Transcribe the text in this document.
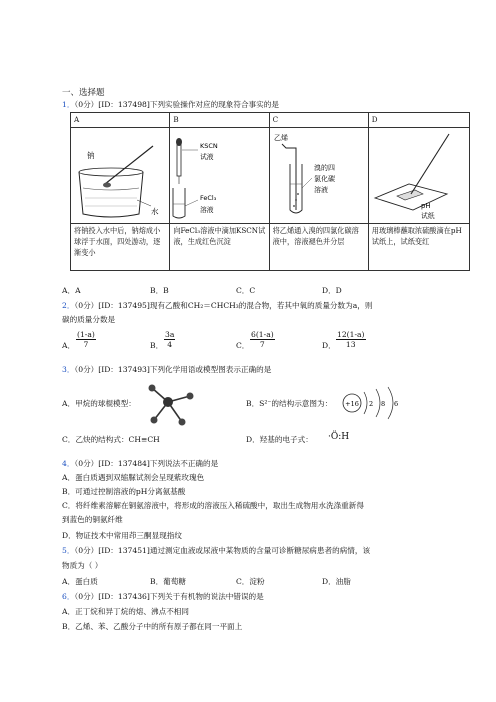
一、选择题
1．（0分）[ID：137498]下列实验操作对应的现象符合事实的是
A	B	C	D

钠
水	KSCN
试液
FeCl₃
溶液	乙烯
溴的四
氯化碳
溶液	pH
试纸

将钠投入水中后，钠熔成小球浮于水面，四处游动，逐渐变小	向FeCl₃溶液中滴加KSCN试液，生成红色沉淀	将乙烯通入溴的四氯化碳溶液中，溶液褪色并分层	用玻璃棒蘸取浓硫酸滴在pH试纸上，试纸变红
A．A	B．B	C．C	D．D
2．（0分）[ID：137495]现有乙酸和CH₂＝CHCH₃的混合物，若其中氧的质量分数为a，则
碳的质量分数是
A． $\frac{(1-a)}{7}$	B． $\frac{3a}{4}$	C． $\frac{6(1-a)}{7}$	D． $\frac{12(1-a)}{13}$
3．（0分）[ID：137493]下列化学用语或模型图表示正确的是
A．甲烷的球棍模型：	B．S²⁻的结构示意图为： +16 2 8 6
C．乙炔的结构式：CH≡CH	D．羟基的电子式： ·Ö:H
4．（0分）[ID：137484]下列说法不正确的是
A．蛋白质遇到双缩脲试剂会呈现紫玫瑰色
B．可通过控制溶液的pH分离氨基酸
C．将纤维素溶解在铜氨溶液中，将形成的溶液压入稀硫酸中，取出生成物用水洗涤重新得
到蓝色的铜氨纤维
D．物证技术中常用茚三酮显现指纹
5．（0分）[ID：137451]通过测定血液或尿液中某物质的含量可诊断糖尿病患者的病情，该
物质为（ ）
A．蛋白质	B．葡萄糖	C．淀粉	D．油脂
6．（0分）[ID：137436]下列关于有机物的说法中错误的是
A．正丁烷和异丁烷的熔、沸点不相同
B．乙烯、苯、乙酸分子中的所有原子都在同一平面上
